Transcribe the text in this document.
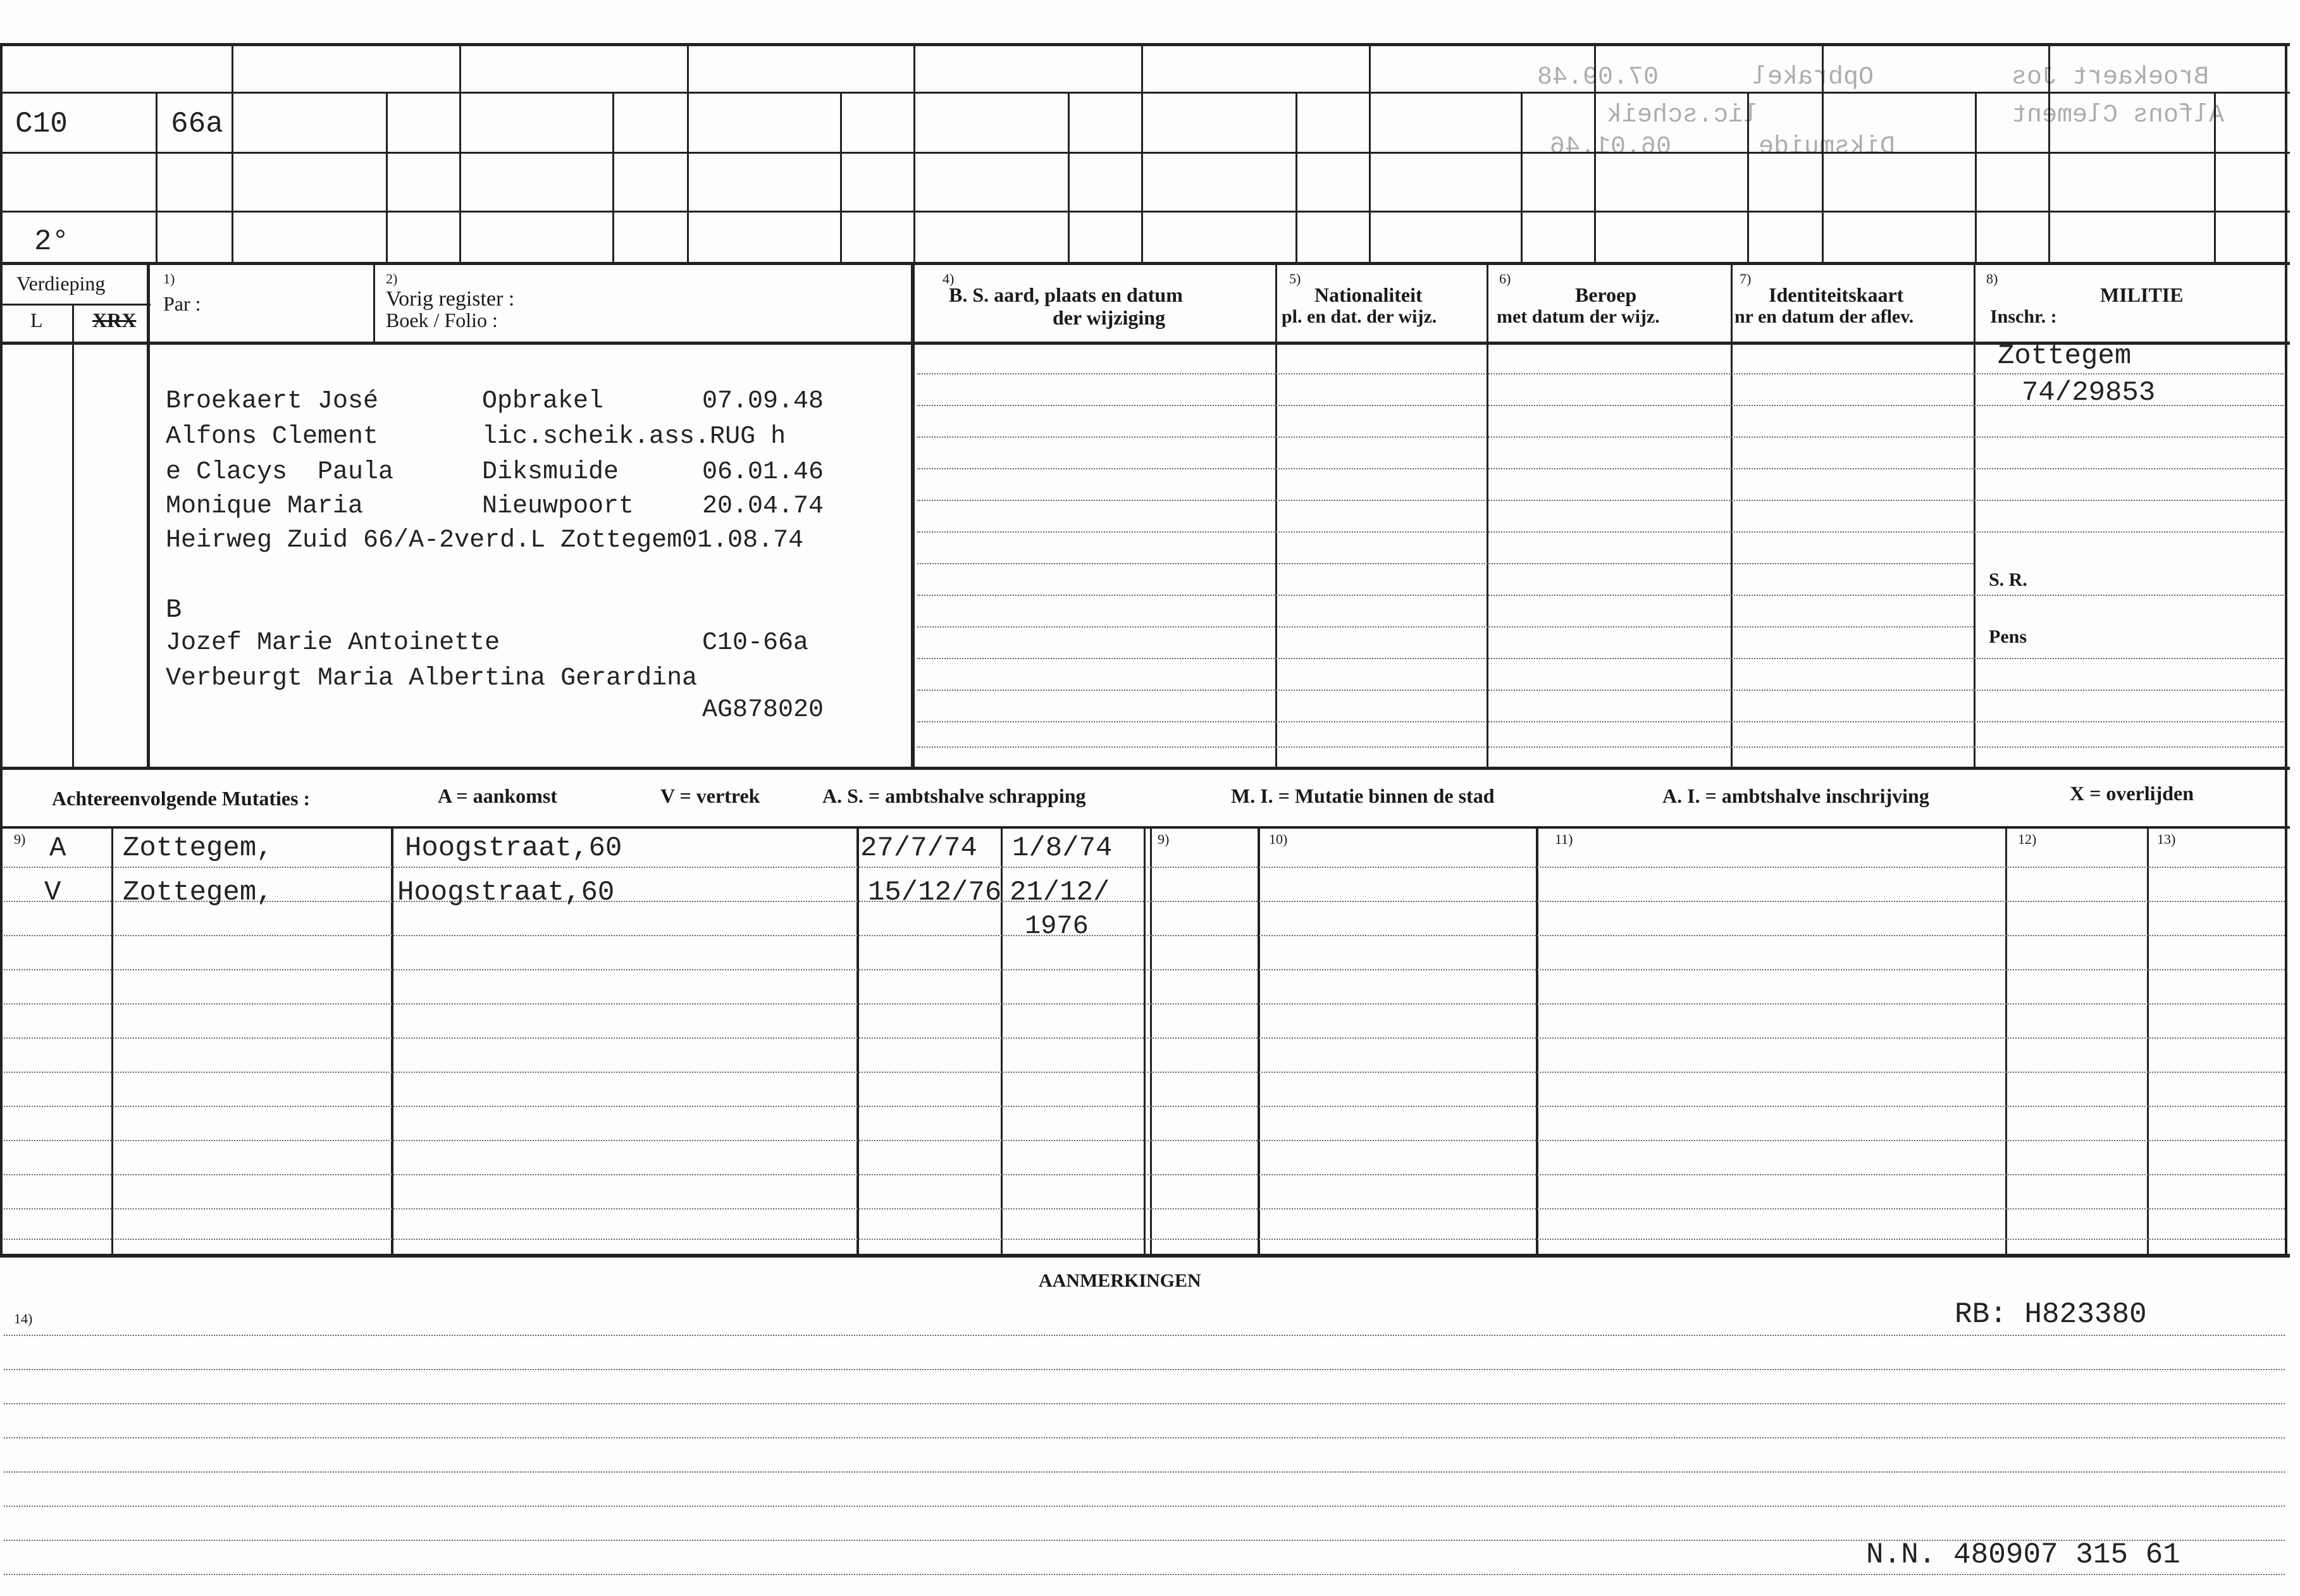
C10	66a
2°
07.09.48	Opbrakel	Broekaert Jos
lic.scheik	Alfons Clement
Diksmuide
06.01.46
Verdieping
L XRX
1)
Par :
2)
Vorig register :
Boek / Folio :
4)
B. S. aard, plaats en datum
der wijziging
5)
Nationaliteit
pl. en dat. der wijz.
6)
Beroep
met datum der wijz.
7)
Identiteitskaart
nr en datum der aflev.
8)
MILITIE
Inschr. :
Broekaert José	Opbrakel	07.09.48
Alfons Clement	lic.scheik.ass.RUG h
e Clacys  Paula	Diksmuide	06.01.46
Monique Maria	Nieuwpoort	20.04.74
Heirweg Zuid 66/A-2verd.L Zottegem01.08.74
B
Jozef Marie Antoinette	C10-66a
Verbeurgt Maria Albertina Gerardina
AG878020
Zottegem
74/29853
S. R.
Pens
Achtereenvolgende Mutaties :	A = aankomst	V = vertrek	A. S. = ambtshalve schrapping	M. I. = Mutatie binnen de stad	A. I. = ambtshalve inschrijving	X = overlijden
9)	9)	10)	11)	12)	13)
A Zottegem,	Hoogstraat,60	27/7/74 1/8/74
V Zottegem,	Hoogstraat,60	15/12/76 21/12/
1976
AANMERKINGEN
14)	RB: H823380
N.N. 480907 315 61
